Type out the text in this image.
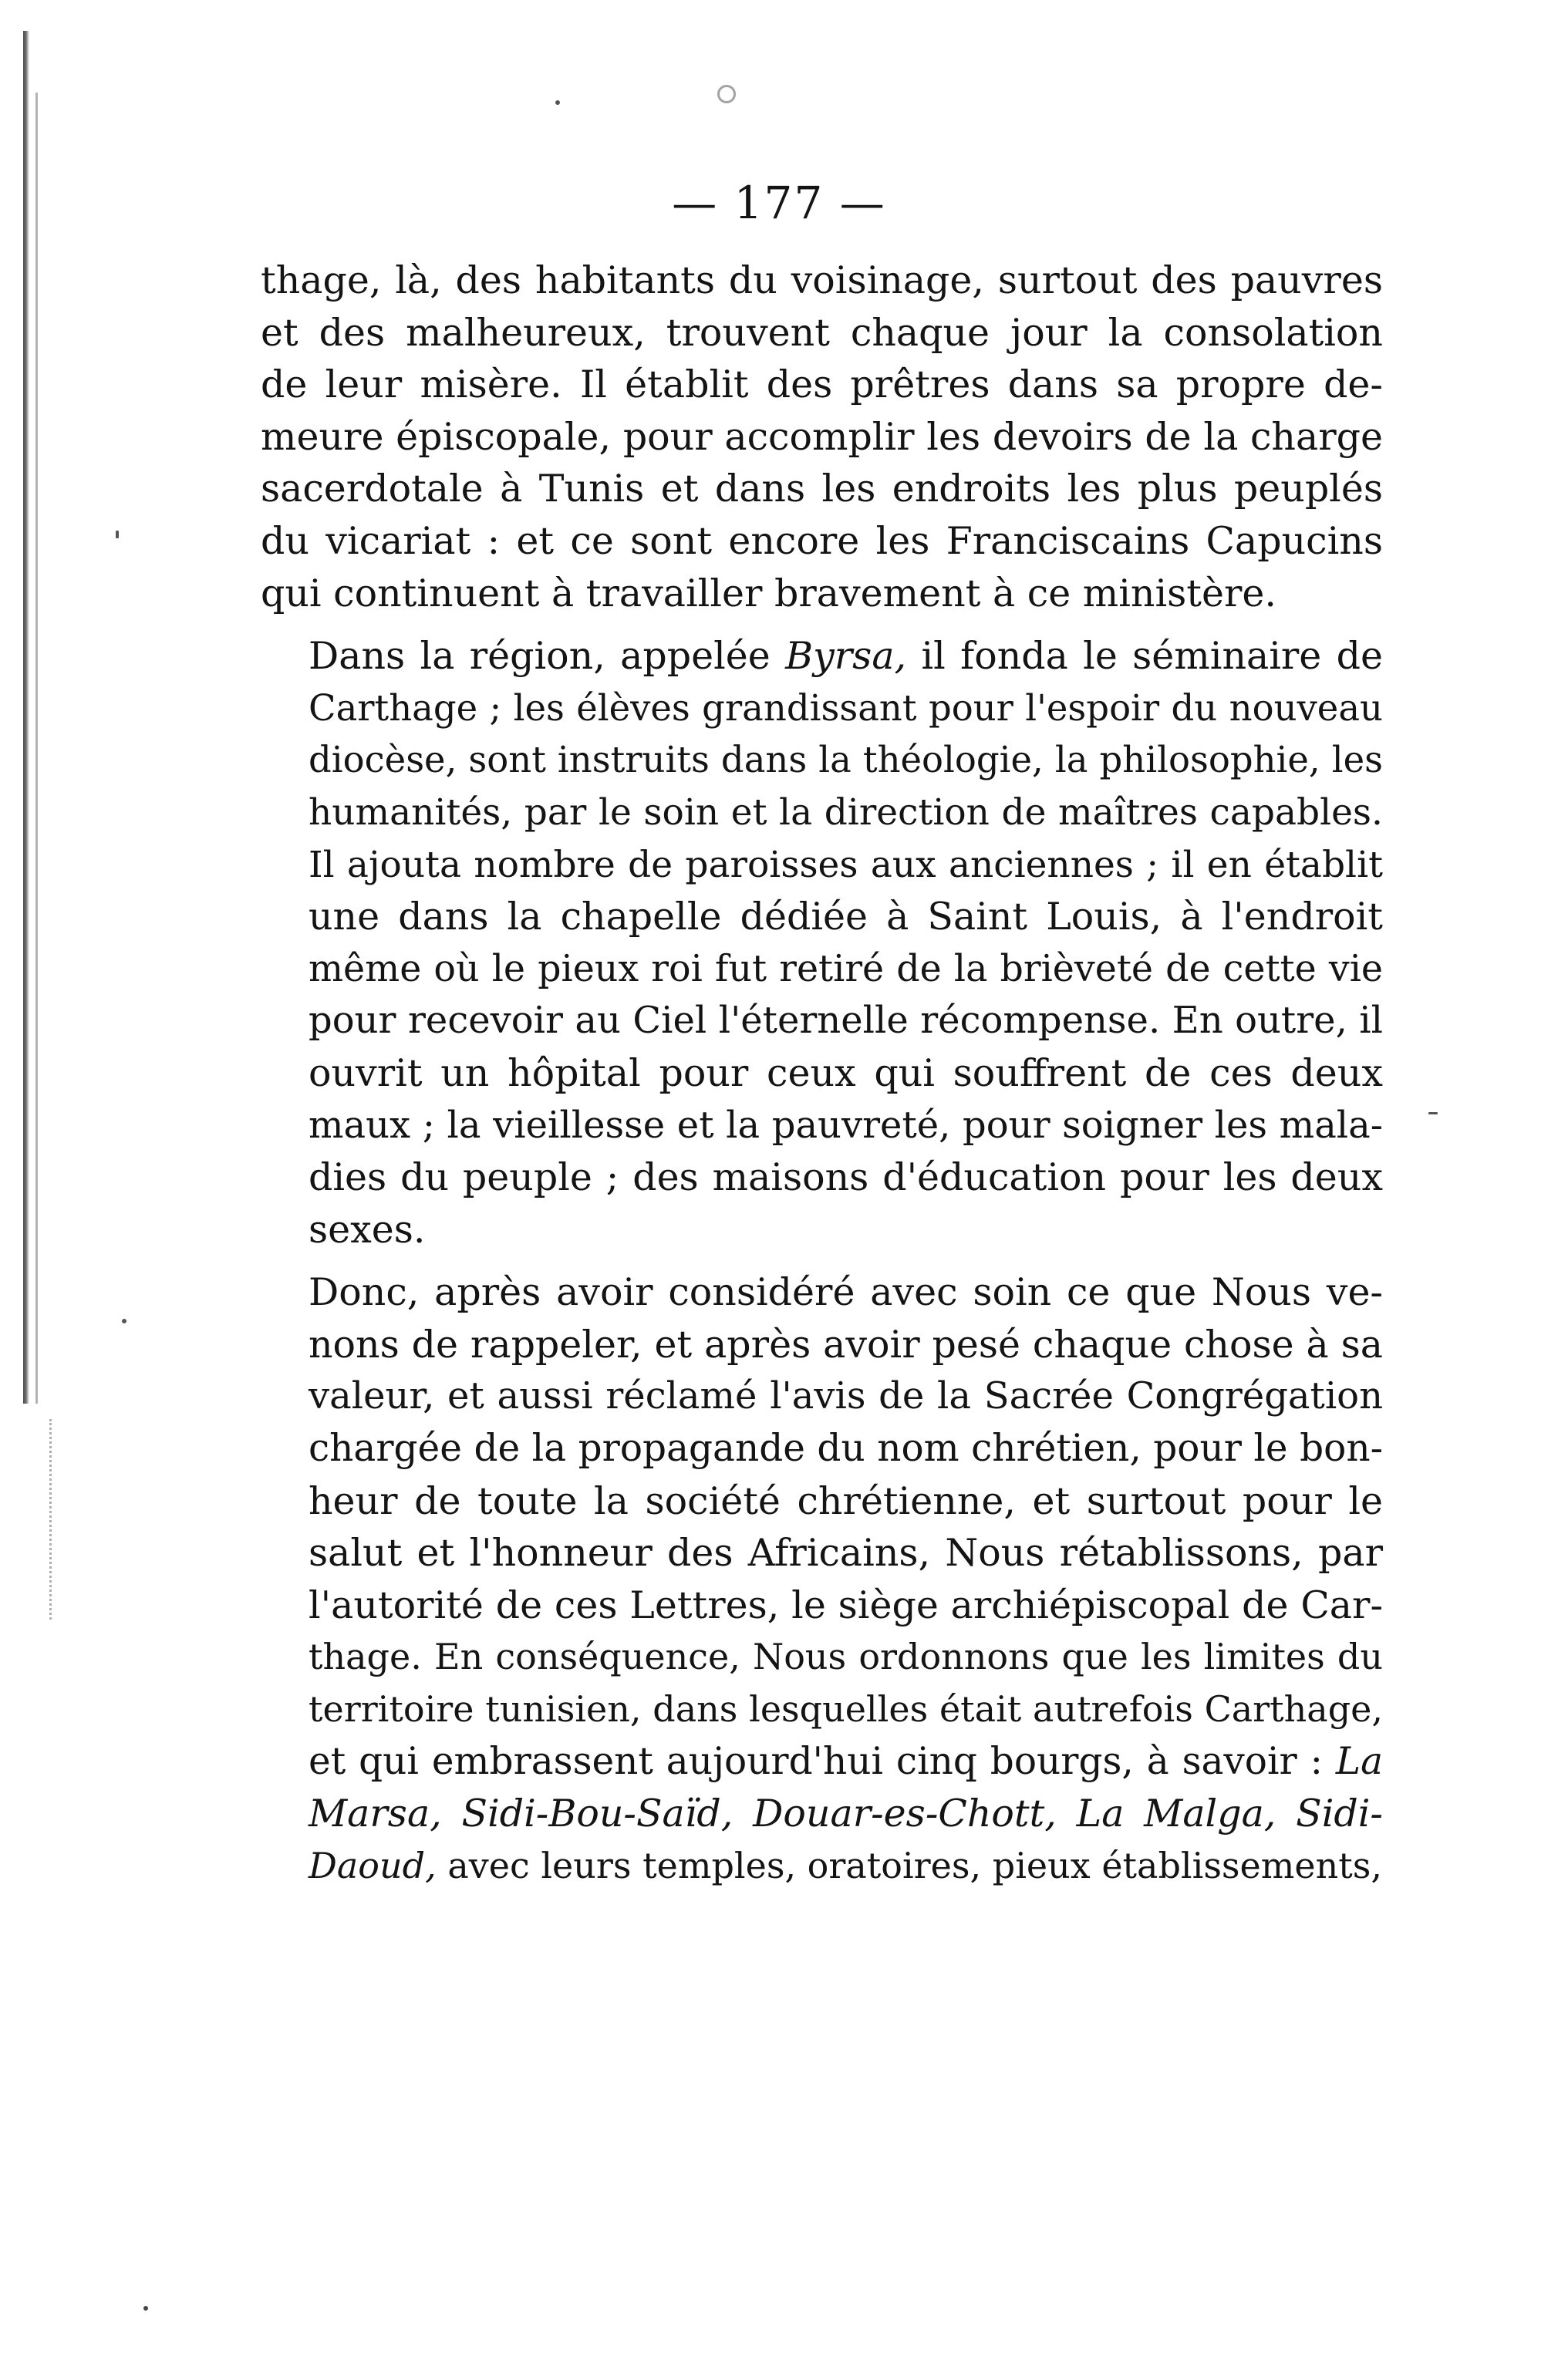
— 177 —

thage, là, des habitants du voisinage, surtout des pauvres
et des malheureux, trouvent chaque jour la consolation
de leur misère. Il établit des prêtres dans sa propre de-
meure épiscopale, pour accomplir les devoirs de la charge
sacerdotale à Tunis et dans les endroits les plus peuplés
du vicariat : et ce sont encore les Franciscains Capucins
qui continuent à travailler bravement à ce ministère.

Dans la région, appelée Byrsa, il fonda le séminaire de
Carthage ; les élèves grandissant pour l'espoir du nouveau
diocèse, sont instruits dans la théologie, la philosophie, les
humanités, par le soin et la direction de maîtres capables.
Il ajouta nombre de paroisses aux anciennes ; il en établit
une dans la chapelle dédiée à Saint Louis, à l'endroit
même où le pieux roi fut retiré de la brièveté de cette vie
pour recevoir au Ciel l'éternelle récompense. En outre, il
ouvrit un hôpital pour ceux qui souffrent de ces deux
maux ; la vieillesse et la pauvreté, pour soigner les mala-
dies du peuple ; des maisons d'éducation pour les deux
sexes.

Donc, après avoir considéré avec soin ce que Nous ve-
nons de rappeler, et après avoir pesé chaque chose à sa
valeur, et aussi réclamé l'avis de la Sacrée Congrégation
chargée de la propagande du nom chrétien, pour le bon-
heur de toute la société chrétienne, et surtout pour le
salut et l'honneur des Africains, Nous rétablissons, par
l'autorité de ces Lettres, le siège archiépiscopal de Car-
thage. En conséquence, Nous ordonnons que les limites du
territoire tunisien, dans lesquelles était autrefois Carthage,
et qui embrassent aujourd'hui cinq bourgs, à savoir : La
Marsa, Sidi-Bou-Saïd, Douar-es-Chott, La Malga, Sidi-
Daoud, avec leurs temples, oratoires, pieux établissements,
